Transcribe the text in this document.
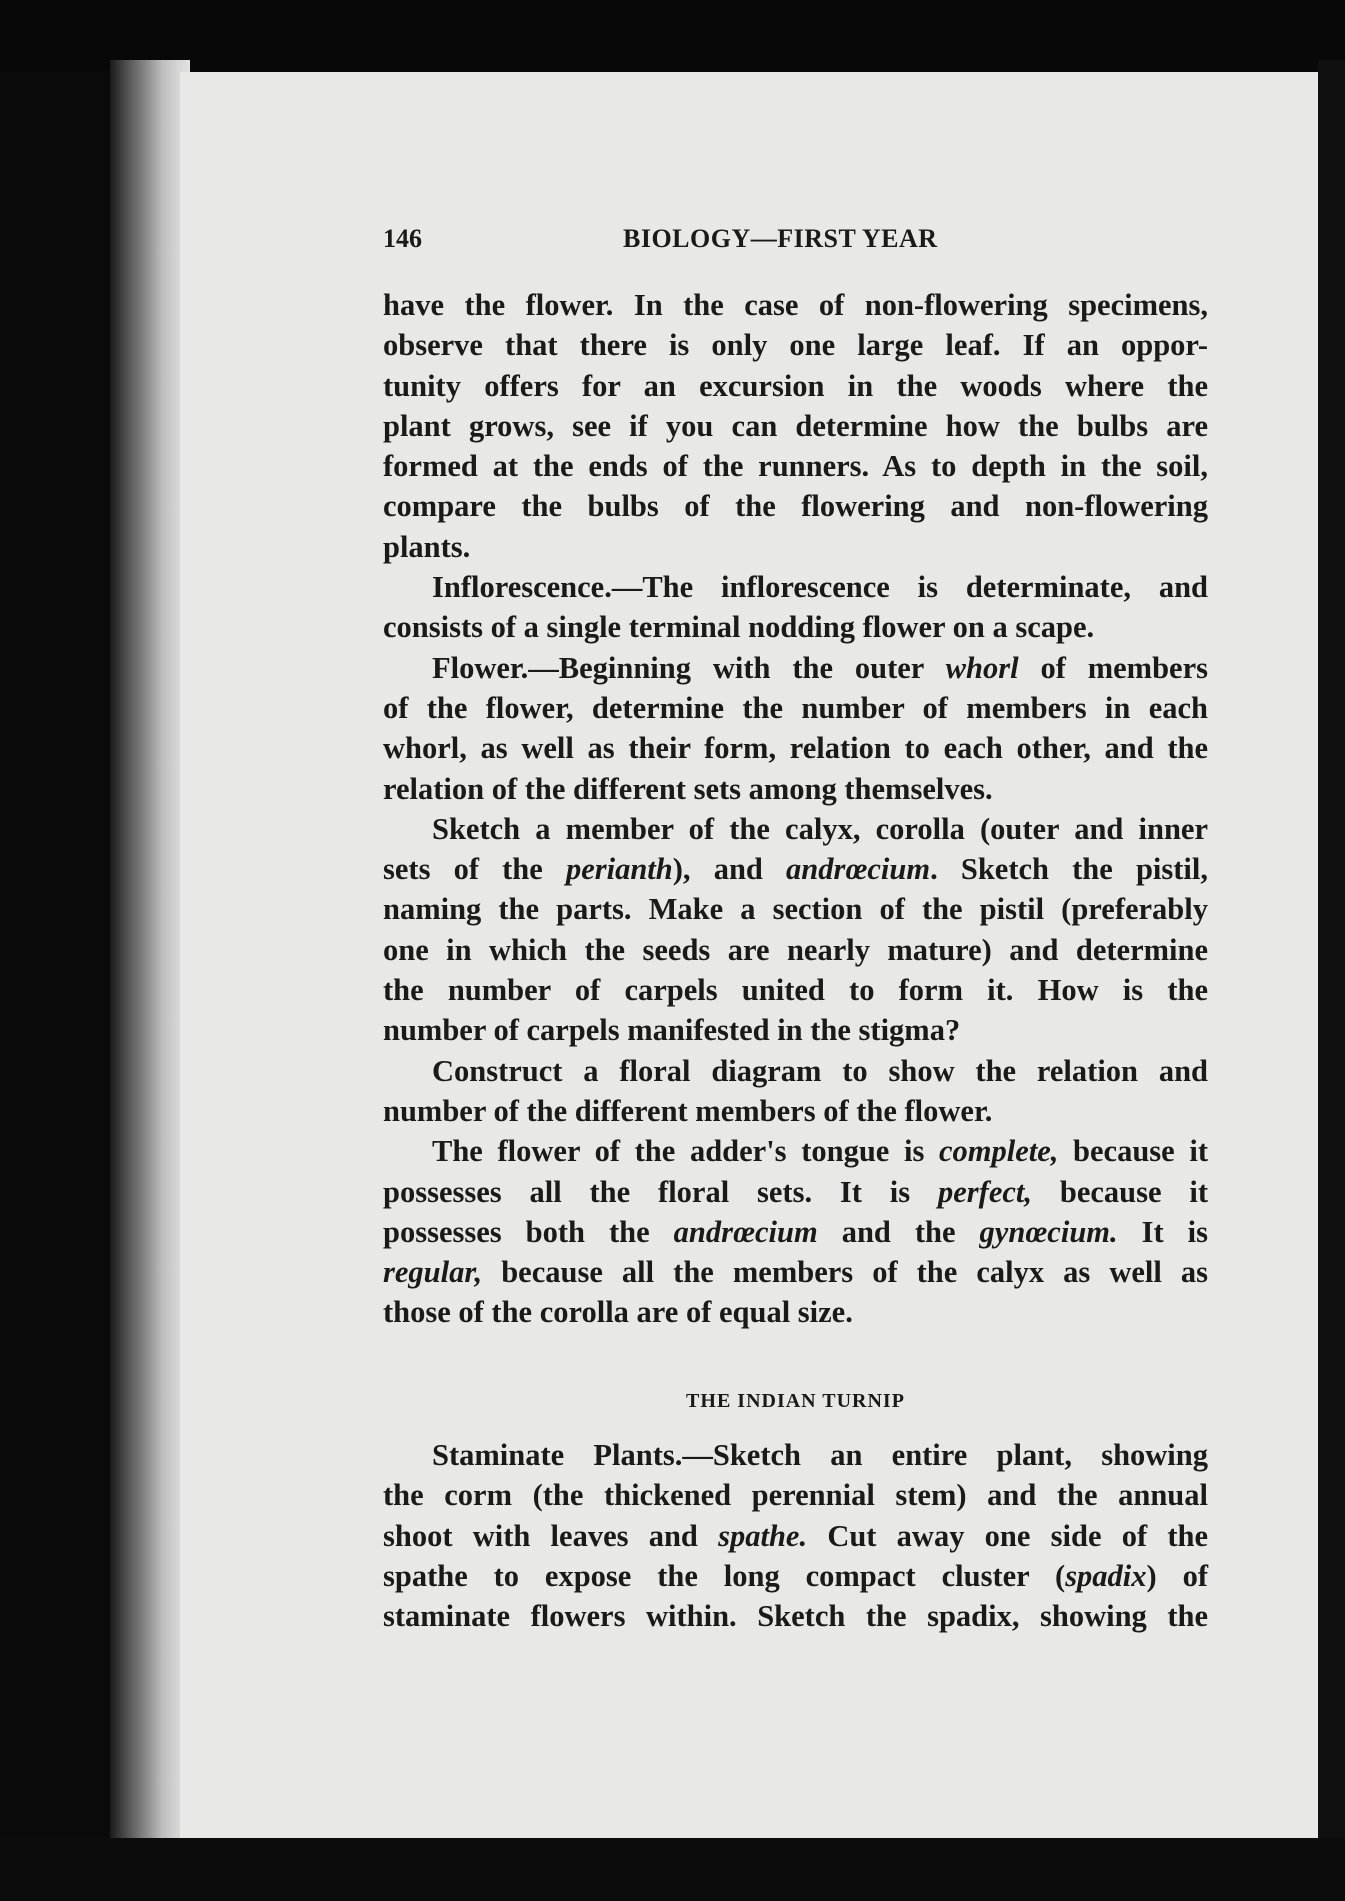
146	BIOLOGY—FIRST YEAR
have the flower. In the case of non-flowering specimens,
observe that there is only one large leaf. If an oppor-
tunity offers for an excursion in the woods where the
plant grows, see if you can determine how the bulbs are
formed at the ends of the runners. As to depth in the soil,
compare the bulbs of the flowering and non-flowering
plants.
Inflorescence.—The inflorescence is determinate, and
consists of a single terminal nodding flower on a scape.
Flower.—Beginning with the outer whorl of members
of the flower, determine the number of members in each
whorl, as well as their form, relation to each other, and the
relation of the different sets among themselves.
Sketch a member of the calyx, corolla (outer and inner
sets of the perianth), and andrœcium. Sketch the pistil,
naming the parts. Make a section of the pistil (preferably
one in which the seeds are nearly mature) and determine
the number of carpels united to form it. How is the
number of carpels manifested in the stigma?
Construct a floral diagram to show the relation and
number of the different members of the flower.
The flower of the adder's tongue is complete, because it
possesses all the floral sets. It is perfect, because it
possesses both the andrœcium and the gynœcium. It is
regular, because all the members of the calyx as well as
those of the corolla are of equal size.
THE INDIAN TURNIP
Staminate Plants.—Sketch an entire plant, showing
the corm (the thickened perennial stem) and the annual
shoot with leaves and spathe. Cut away one side of the
spathe to expose the long compact cluster (spadix) of
staminate flowers within. Sketch the spadix, showing the
